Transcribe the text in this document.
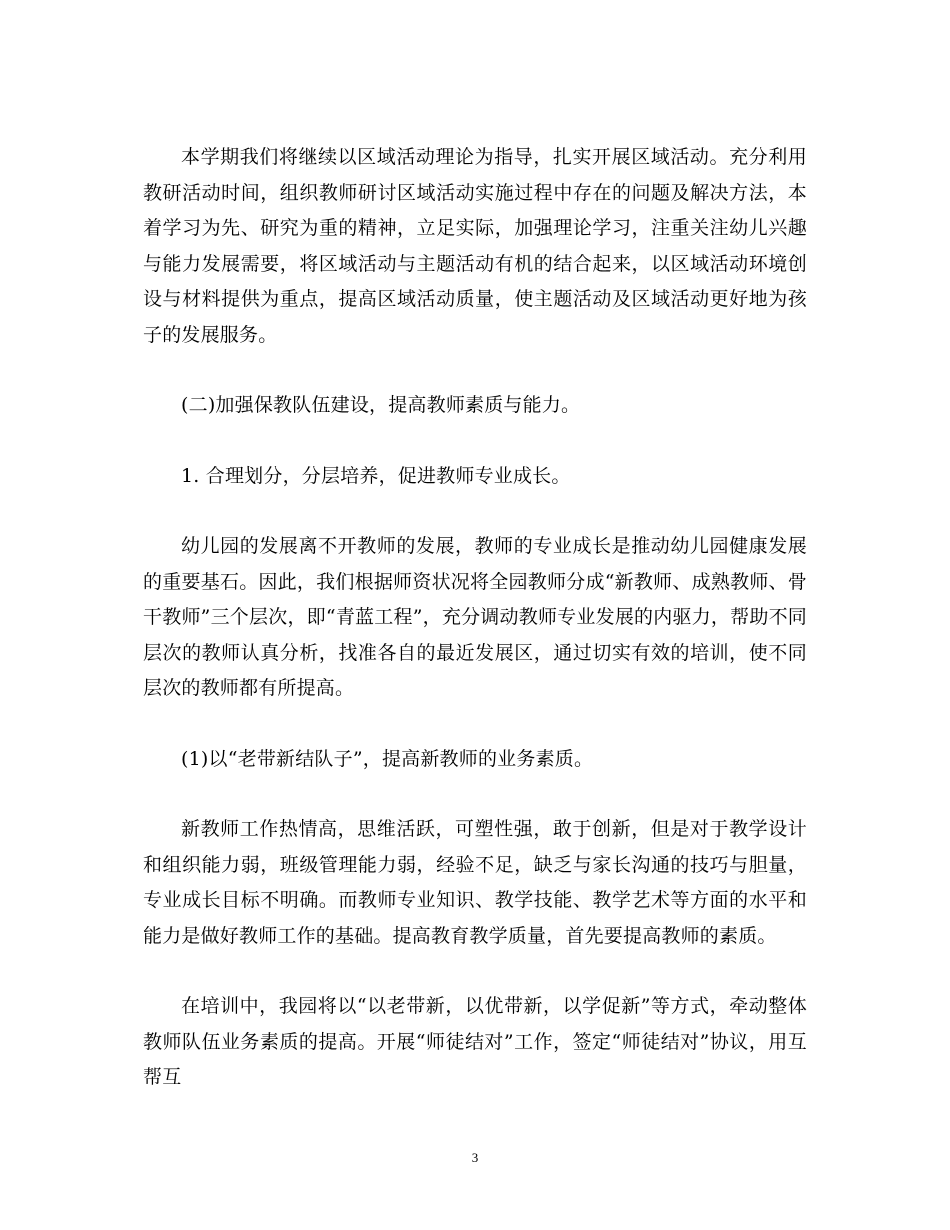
本学期我们将继续以区域活动理论为指导，扎实开展区域活动。充分利用教研活动时间，组织教师研讨区域活动实施过程中存在的问题及解决方法，本着学习为先、研究为重的精神，立足实际，加强理论学习，注重关注幼儿兴趣与能力发展需要，将区域活动与主题活动有机的结合起来，以区域活动环境创设与材料提供为重点，提高区域活动质量，使主题活动及区域活动更好地为孩子的发展服务。

(二)加强保教队伍建设，提高教师素质与能力。

1. 合理划分，分层培养，促进教师专业成长。

幼儿园的发展离不开教师的发展，教师的专业成长是推动幼儿园健康发展的重要基石。因此，我们根据师资状况将全园教师分成“新教师、成熟教师、骨干教师”三个层次，即“青蓝工程”，充分调动教师专业发展的内驱力，帮助不同层次的教师认真分析，找准各自的最近发展区，通过切实有效的培训，使不同层次的教师都有所提高。

(1)以“老带新结队子”，提高新教师的业务素质。

新教师工作热情高，思维活跃，可塑性强，敢于创新，但是对于教学设计和组织能力弱，班级管理能力弱，经验不足，缺乏与家长沟通的技巧与胆量，专业成长目标不明确。而教师专业知识、教学技能、教学艺术等方面的水平和能力是做好教师工作的基础。提高教育教学质量，首先要提高教师的素质。

在培训中，我园将以“以老带新，以优带新，以学促新”等方式，牵动整体教师队伍业务素质的提高。开展“师徒结对”工作，签定“师徒结对”协议，用互帮互

3
